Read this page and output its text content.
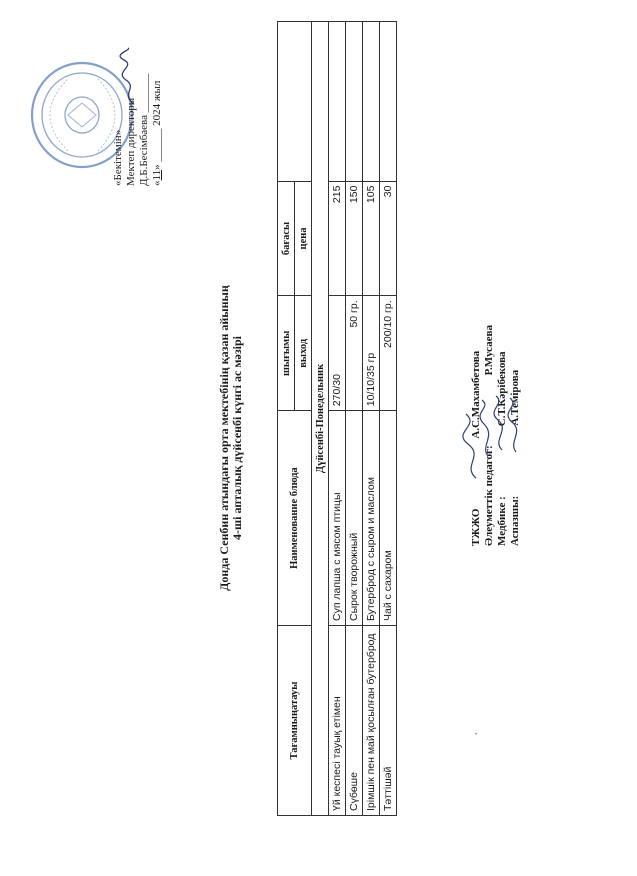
«Бекітемін» Мектеп директоры Д.Б.Бесімбаева _______ «11» ______ 2024 жыл
Донда Сенбин атындағы орта мектебінің қазан айының 4-ші апталық дүйсенбі күнгі ас мәзірі
Тағамныңатауы	Наименование блюда	шығымы	бағасы	
		выход	цена	
Дүйсенбі-Понедельник				
Үй кеспесі тауық етімен	Суп лапша с мясом птицы	270/30	215	
Сүбөше	Сырок творожный	50 гр.	150	
Ірімшік пен май қосылған бутерброд	Бутерброд с сыром и маслом	10/10/35 гр	105	
Тәттішәй	Чай с сахаром	200/10 гр.	30	
ТЖЖОА.С.Махамбетова
Әлеуметтік педагог:Р.Мусаева
Медбике :С.Т.Кәрібекова
Аспазшы:А.Темірова
·
